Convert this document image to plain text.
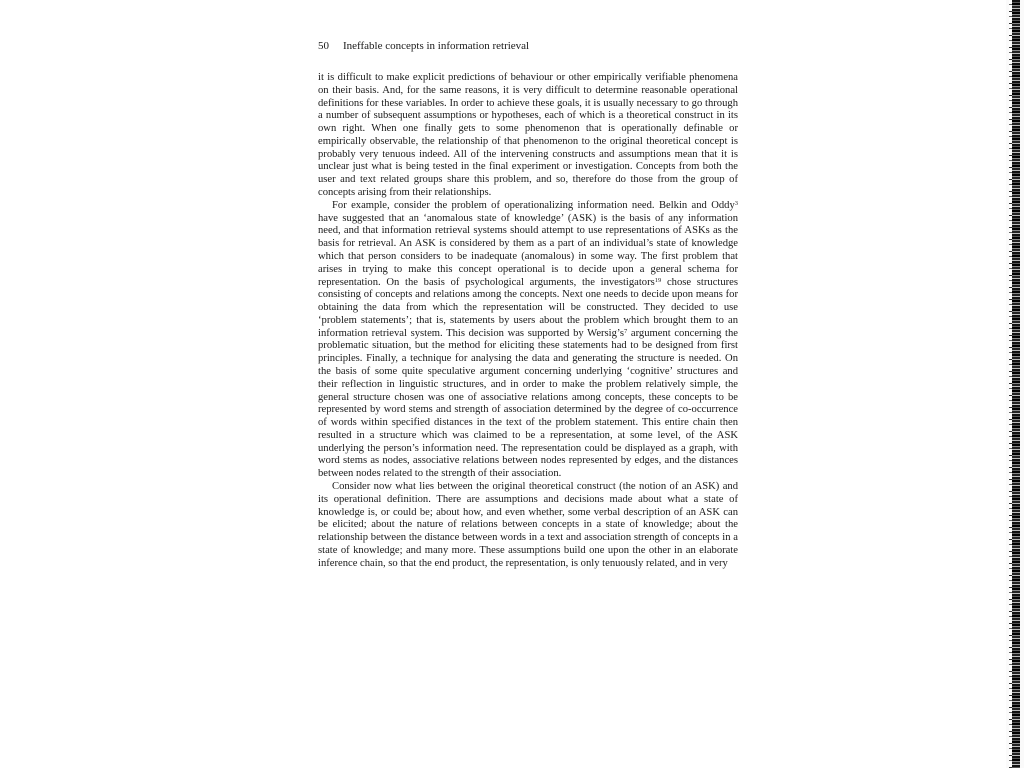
50 Ineffable concepts in information retrieval

it is difficult to make explicit predictions of behaviour or other empirically verifiable phenomena on their basis. And, for the same reasons, it is very difficult to determine reasonable operational definitions for these variables. In order to achieve these goals, it is usually necessary to go through a number of subsequent assumptions or hypotheses, each of which is a theoretical construct in its own right. When one finally gets to some phenomenon that is operationally definable or empirically observable, the relationship of that phenomenon to the original theoretical concept is probably very tenuous indeed. All of the intervening constructs and assumptions mean that it is unclear just what is being tested in the final experiment or investigation. Concepts from both the user and text related groups share this problem, and so, therefore do those from the group of concepts arising from their relationships.

For example, consider the problem of operationalizing information need. Belkin and Oddy$^3$ have suggested that an ‘anomalous state of knowledge’ (ASK) is the basis of any information need, and that information retrieval systems should attempt to use representations of ASKs as the basis for retrieval. An ASK is considered by them as a part of an individual’s state of knowledge which that person considers to be inadequate (anomalous) in some way. The first problem that arises in trying to make this concept operational is to decide upon a general schema for representation. On the basis of psychological arguments, the investigators$^{19}$ chose structures consisting of concepts and relations among the concepts. Next one needs to decide upon means for obtaining the data from which the representation will be constructed. They decided to use ‘problem statements’; that is, statements by users about the problem which brought them to an information retrieval system. This decision was supported by $Wersig’s^7$ argument concerning the problematic situation, but the method for eliciting these statements had to be designed from first principles. Finally, a technique for analysing the data and generating the structure is needed. On the basis of some quite speculative argument concerning underlying ‘cognitive’ structures and their reflection in linguistic structures, and in order to make the problem relatively simple, the general structure chosen was one of associative relations among concepts, these concepts to be represented by word stems and strength of association determined by the degree of co-occurrence of words within specified distances in the text of the problem statement. This entire chain then resulted in a structure which was claimed to be a representation, at some level, of the ASK underlying the person’s information need. The representation could be displayed as a graph, with word stems as nodes, associative relations between nodes represented by edges, and the distances between nodes related to the strength of their association.

Consider now what lies between the original theoretical construct (the notion of an ASK) and its operational definition. There are assumptions and decisions made about what a state of knowledge is, or could be; about how, and even whether, some verbal description of an ASK can be elicited; about the nature of relations between concepts in a state of knowledge; about the relationship between the distance between words in a text and association strength of concepts in a state of knowledge; and many more. These assumptions build one upon the other in an elaborate inference chain, so that the end product, the representation, is only tenuously related, and in very
